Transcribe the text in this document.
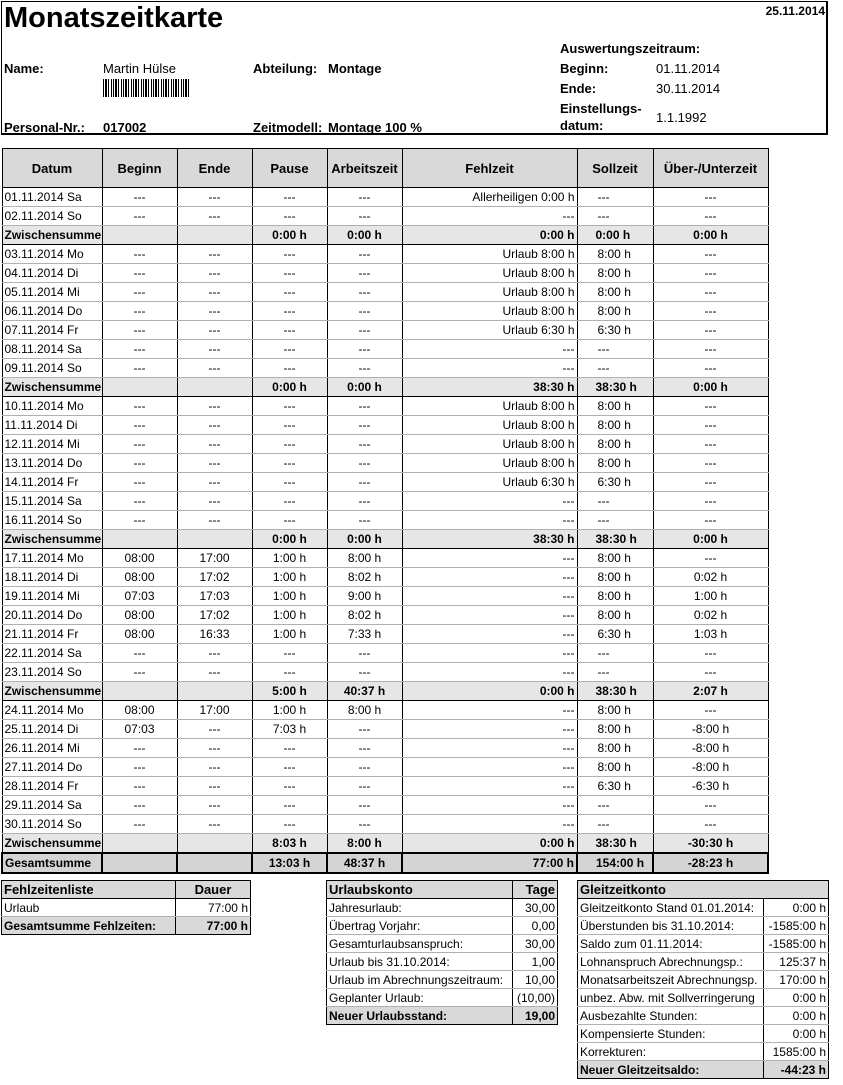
Monatszeitkarte	25.11.2014
Name:	Martin Hülse	Abteilung: Montage
Auswertungszeitraum:
Beginn:	01.11.2014
Ende:	30.11.2014
Einstellungs-
datum:
1.1.1992
Personal-Nr.: 017002	Zeitmodell: Montage 100 %
Datum	Beginn	Ende	Pause	Arbeitszeit	Fehlzeit	Sollzeit	Über-/Unterzeit
01.11.2014 Sa	---	---	---	---	Allerheiligen 0:00 h	---	---
02.11.2014 So	---	---	---	---	---	---	---
Zwischensumme			0:00 h	0:00 h	0:00 h	0:00 h	0:00 h
03.11.2014 Mo	---	---	---	---	Urlaub 8:00 h	8:00 h	---
04.11.2014 Di	---	---	---	---	Urlaub 8:00 h	8:00 h	---
05.11.2014 Mi	---	---	---	---	Urlaub 8:00 h	8:00 h	---
06.11.2014 Do	---	---	---	---	Urlaub 8:00 h	8:00 h	---
07.11.2014 Fr	---	---	---	---	Urlaub 6:30 h	6:30 h	---
08.11.2014 Sa	---	---	---	---	---	---	---
09.11.2014 So	---	---	---	---	---	---	---
Zwischensumme			0:00 h	0:00 h	38:30 h	38:30 h	0:00 h
10.11.2014 Mo	---	---	---	---	Urlaub 8:00 h	8:00 h	---
11.11.2014 Di	---	---	---	---	Urlaub 8:00 h	8:00 h	---
12.11.2014 Mi	---	---	---	---	Urlaub 8:00 h	8:00 h	---
13.11.2014 Do	---	---	---	---	Urlaub 8:00 h	8:00 h	---
14.11.2014 Fr	---	---	---	---	Urlaub 6:30 h	6:30 h	---
15.11.2014 Sa	---	---	---	---	---	---	---
16.11.2014 So	---	---	---	---	---	---	---
Zwischensumme			0:00 h	0:00 h	38:30 h	38:30 h	0:00 h
17.11.2014 Mo	08:00	17:00	1:00 h	8:00 h	---	8:00 h	---
18.11.2014 Di	08:00	17:02	1:00 h	8:02 h	---	8:00 h	0:02 h
19.11.2014 Mi	07:03	17:03	1:00 h	9:00 h	---	8:00 h	1:00 h
20.11.2014 Do	08:00	17:02	1:00 h	8:02 h	---	8:00 h	0:02 h
21.11.2014 Fr	08:00	16:33	1:00 h	7:33 h	---	6:30 h	1:03 h
22.11.2014 Sa	---	---	---	---	---	---	---
23.11.2014 So	---	---	---	---	---	---	---
Zwischensumme			5:00 h	40:37 h	0:00 h	38:30 h	2:07 h
24.11.2014 Mo	08:00	17:00	1:00 h	8:00 h	---	8:00 h	---
25.11.2014 Di	07:03	---	7:03 h	---	---	8:00 h	-8:00 h
26.11.2014 Mi	---	---	---	---	---	8:00 h	-8:00 h
27.11.2014 Do	---	---	---	---	---	8:00 h	-8:00 h
28.11.2014 Fr	---	---	---	---	---	6:30 h	-6:30 h
29.11.2014 Sa	---	---	---	---	---	---	---
30.11.2014 So	---	---	---	---	---	---	---
Zwischensumme			8:03 h	8:00 h	0:00 h	38:30 h	-30:30 h
Gesamtsumme			13:03 h	48:37 h	77:00 h	154:00 h	-28:23 h
Fehlzeitenliste	Dauer
Urlaub	77:00 h
Gesamtsumme Fehlzeiten:	77:00 h
Urlaubskonto	Tage
Jahresurlaub:	30,00
Übertrag Vorjahr:	0,00
Gesamturlaubsanspruch:	30,00
Urlaub bis 31.10.2014:	1,00
Urlaub im Abrechnungszeitraum:	10,00
Geplanter Urlaub:	(10,00)
Neuer Urlaubsstand:	19,00
Gleitzeitkonto	
Gleitzeitkonto Stand 01.01.2014:	0:00 h
Überstunden bis 31.10.2014:	-1585:00 h
Saldo zum 01.11.2014:	-1585:00 h
Lohnanspruch Abrechnungsp.:	125:37 h
Monatsarbeitszeit Abrechnungsp.	170:00 h
unbez. Abw. mit Sollverringerung	0:00 h
Ausbezahlte Stunden:	0:00 h
Kompensierte Stunden:	0:00 h
Korrekturen:	1585:00 h
Neuer Gleitzeitsaldo:	-44:23 h
